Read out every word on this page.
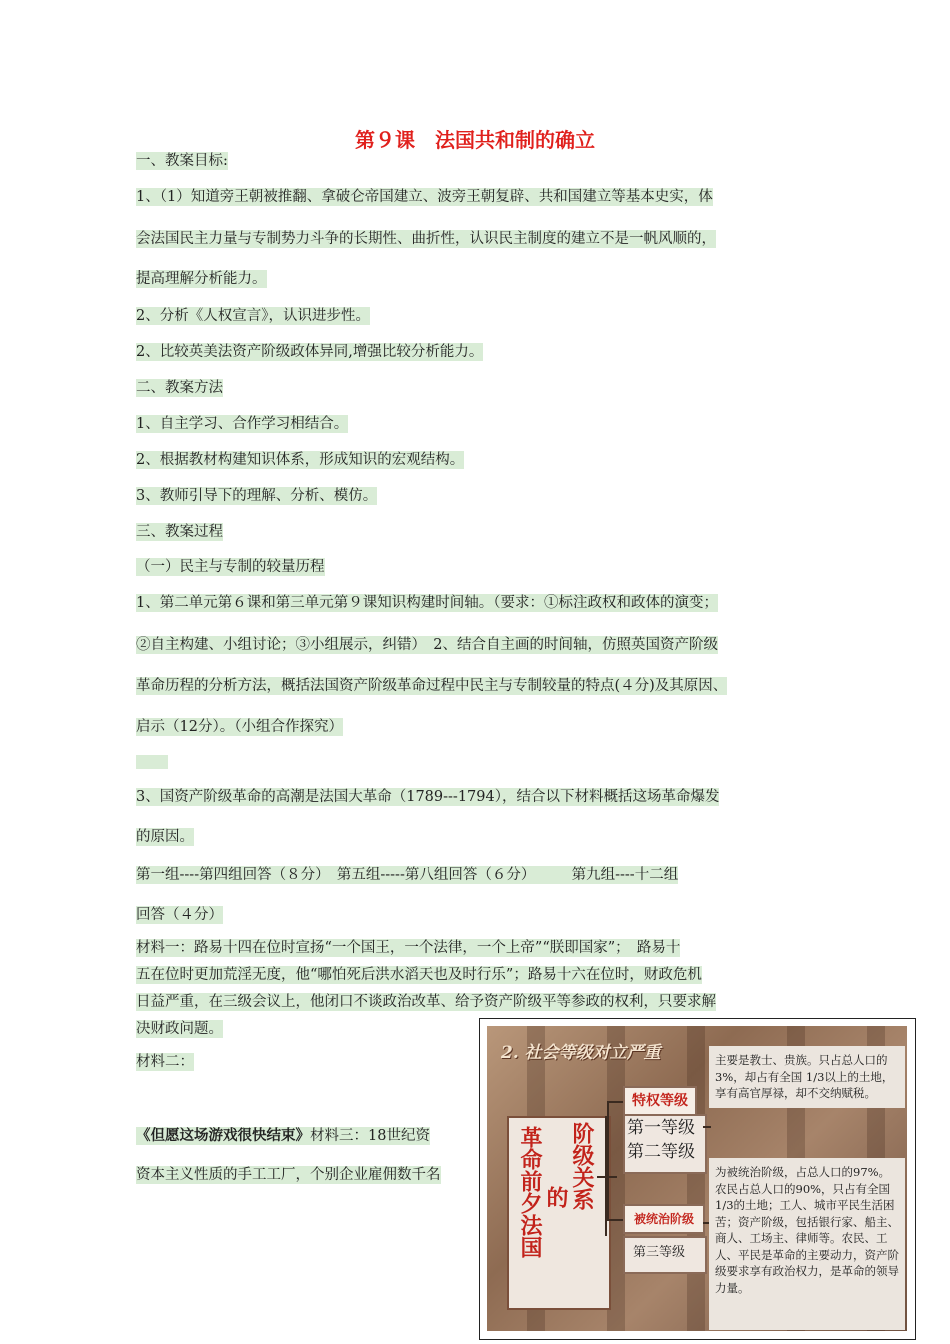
第９课　法国共和制的确立
一、教案目标:
1、（1）知道旁王朝被推翻、拿破仑帝国建立、波旁王朝复辟、共和国建立等基本史实，体
会法国民主力量与专制势力斗争的长期性、曲折性，认识民主制度的建立不是一帆风顺的，
提高理解分析能力。
2、分析《人权宣言》，认识进步性。
2、比较英美法资产阶级政体异同,增强比较分析能力。
二、教案方法
1、自主学习、合作学习相结合。
2、根据教材构建知识体系，形成知识的宏观结构。
3、教师引导下的理解、分析、模仿。
三、教案过程
（一）民主与专制的较量历程
1、第二单元第６课和第三单元第９课知识构建时间轴。（要求：①标注政权和政体的演变；
②自主构建、小组讨论；③小组展示，纠错）　2、结合自主画的时间轴，仿照英国资产阶级
革命历程的分析方法，概括法国资产阶级革命过程中民主与专制较量的特点(４分)及其原因、
启示（12分）。（小组合作探究）
3、国资产阶级革命的高潮是法国大革命（1789---1794），结合以下材料概括这场革命爆发
的原因。
第一组----第四组回答（８分）　第五组-----第八组回答（６分）　　　第九组----十二组
回答（４分）
材料一：路易十四在位时宣扬“一个国王，一个法律，一个上帝”“朕即国家”；　路易十
五在位时更加荒淫无度，他“哪怕死后洪水滔天也及时行乐”；路易十六在位时，财政危机
日益严重，在三级会议上，他闭口不谈政治改革、给予资产阶级平等参政的权利，只要求解
决财政问题。
材料二：
《但愿这场游戏很快结束》材料三：18世纪资
资本主义性质的手工工厂，个别企业雇佣数千名
2. 社会等级对立严重
革命前夕法国 的 阶级关系
特权等级
第一等级
第二等级
被统治阶级
第三等级
主要是教士、贵族。只占总人口的3%，却占有全国 1/3以上的土地，享有高官厚禄，却不交纳赋税。
为被统治阶级，占总人口的97%。农民占总人口的90%，只占有全国 1/3的土地；工人、城市平民生活困苦；资产阶级，包括银行家、船主、商人、工场主、律师等。农民、工人、平民是革命的主要动力，资产阶级要求享有政治权力，是革命的领导力量。
